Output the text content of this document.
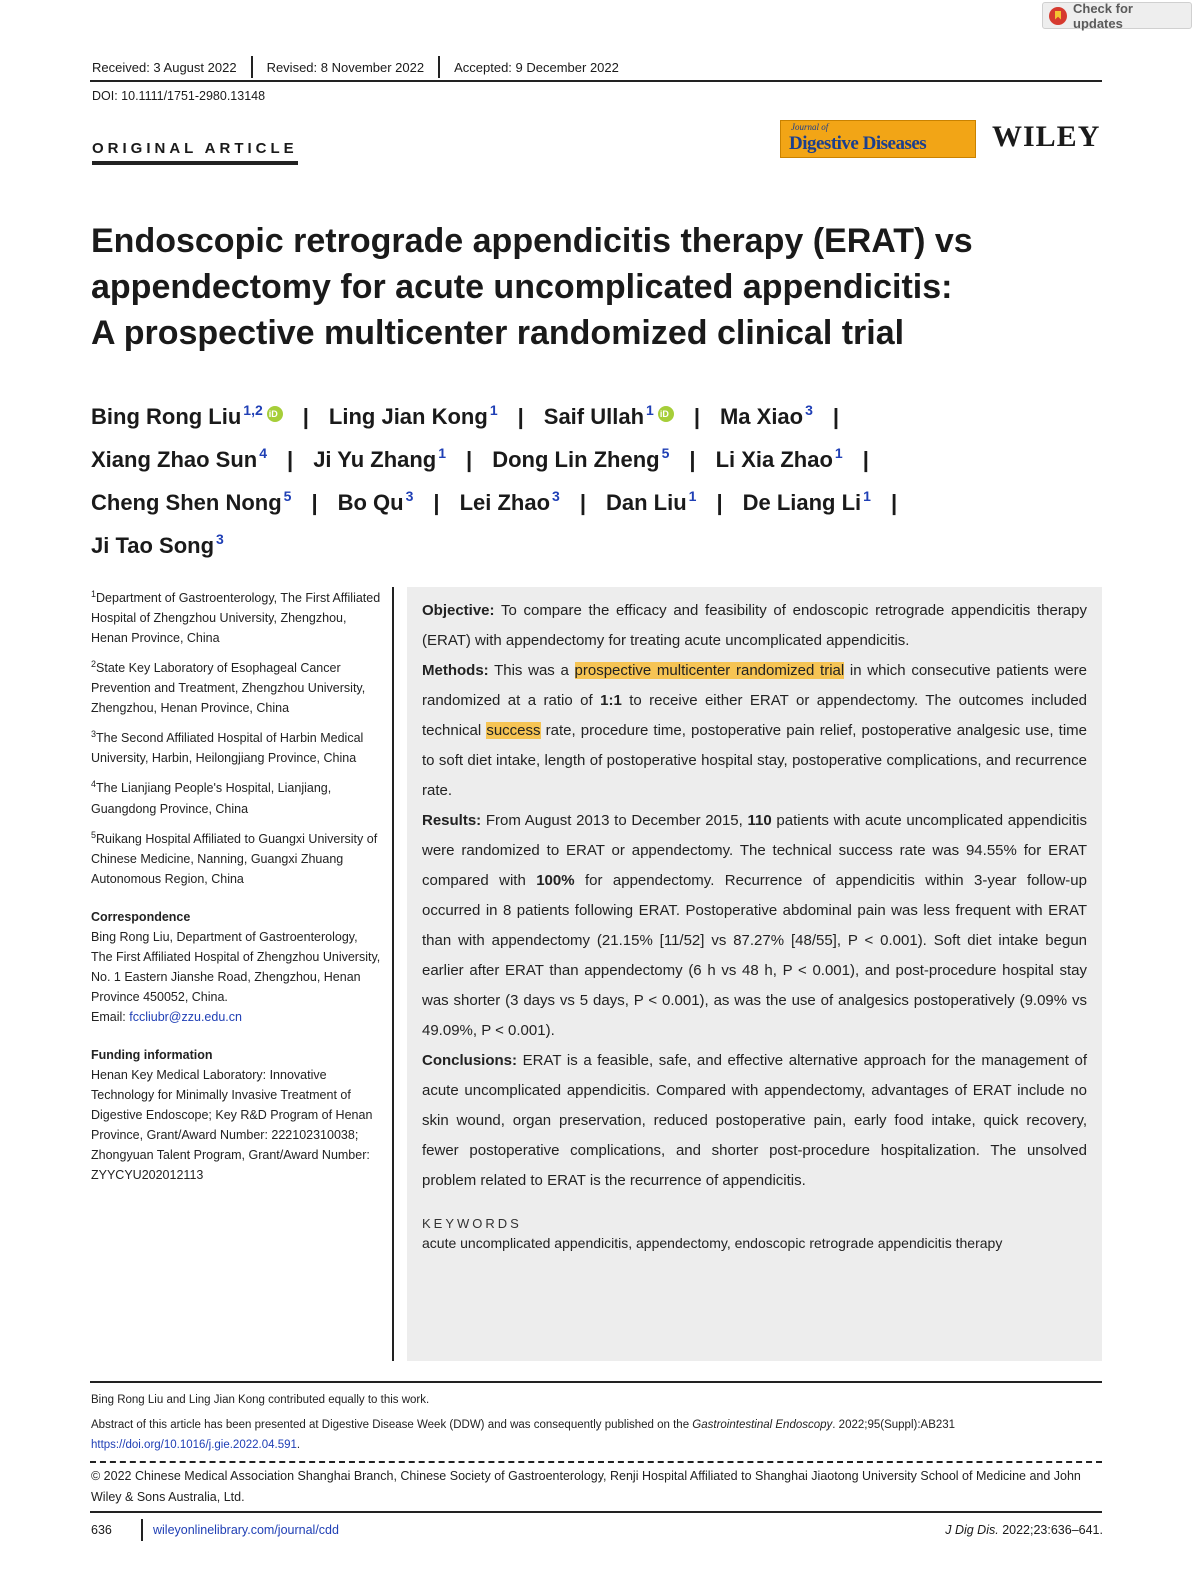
Check for updates
Received: 3 August 2022	Revised: 8 November 2022	Accepted: 9 December 2022
DOI: 10.1111/1751-2980.13148
ORIGINAL ARTICLE
Journal of
Digestive Diseases WILEY
Endoscopic retrograde appendicitis therapy (ERAT) vs
appendectomy for acute uncomplicated appendicitis:
A prospective multicenter randomized clinical trial
Bing Rong Liu $^{1,2}$ iD | Ling Jian Kong $^1$ | Saif Ullah $^1$ iD | Ma Xiao $^3$ |
Xiang Zhao Sun $^4$ | Ji Yu Zhang $^1$ | Dong Lin Zheng $^5$ | Li Xia Zhao $^1$ |
Cheng Shen Nong $^5$ | Bo Qu $^3$ | Lei Zhao $^3$ | Dan Liu $^1$ | De Liang Li $^1$ |
Ji Tao Song $^3$
$^1$Department of Gastroenterology, The First Affiliated Hospital of Zhengzhou University, Zhengzhou, Henan Province, China
$^2$State Key Laboratory of Esophageal Cancer Prevention and Treatment, Zhengzhou University, Zhengzhou, Henan Province, China
$^3$The Second Affiliated Hospital of Harbin Medical University, Harbin, Heilongjiang Province, China
$^4$The Lianjiang People's Hospital, Lianjiang, Guangdong Province, China
$^5$Ruikang Hospital Affiliated to Guangxi University of Chinese Medicine, Nanning, Guangxi Zhuang Autonomous Region, China
Correspondence
Bing Rong Liu, Department of Gastroenterology, The First Affiliated Hospital of Zhengzhou University, No. 1 Eastern Jianshe Road, Zhengzhou, Henan Province 450052, China.
Email: fccliubr@zzu.edu.cn
Funding information
Henan Key Medical Laboratory: Innovative Technology for Minimally Invasive Treatment of Digestive Endoscope; Key R&D Program of Henan Province, Grant/Award Number: 222102310038; Zhongyuan Talent Program, Grant/Award Number: ZYYCYU202012113

Objective: To compare the efficacy and feasibility of endoscopic retrograde appendicitis therapy (ERAT) with appendectomy for treating acute uncomplicated appendicitis.

Methods: This was a prospective multicenter randomized trial in which consecutive patients were randomized at a ratio of 1:1 to receive either ERAT or appendectomy. The outcomes included technical success rate, procedure time, postoperative pain relief, postoperative analgesic use, time to soft diet intake, length of postoperative hospital stay, postoperative complications, and recurrence rate.

Results: From August 2013 to December 2015, 110 patients with acute uncomplicated appendicitis were randomized to ERAT or appendectomy. The technical success rate was 94.55% for ERAT compared with 100% for appendectomy. Recurrence of appendicitis within 3-year follow-up occurred in 8 patients following ERAT. Postoperative abdominal pain was less frequent with ERAT than with appendectomy (21.15% [11/52] vs 87.27% [48/55], P < 0.001). Soft diet intake begun earlier after ERAT than appendectomy (6 h vs 48 h, P < 0.001), and post-procedure hospital stay was shorter (3 days vs 5 days, P < 0.001), as was the use of analgesics postoperatively (9.09% vs 49.09%, P < 0.001).

Conclusions: ERAT is a feasible, safe, and effective alternative approach for the management of acute uncomplicated appendicitis. Compared with appendectomy, advantages of ERAT include no skin wound, organ preservation, reduced postoperative pain, early food intake, quick recovery, fewer postoperative complications, and shorter post-procedure hospitalization. The unsolved problem related to ERAT is the recurrence of appendicitis.

KEYWORDS
acute uncomplicated appendicitis, appendectomy, endoscopic retrograde appendicitis therapy
Bing Rong Liu and Ling Jian Kong contributed equally to this work.
Abstract of this article has been presented at Digestive Disease Week (DDW) and was consequently published on the Gastrointestinal Endoscopy. 2022;95(Suppl):AB231 https://doi.org/10.1016/j.gie.2022.04.591.
© 2022 Chinese Medical Association Shanghai Branch, Chinese Society of Gastroenterology, Renji Hospital Affiliated to Shanghai Jiaotong University School of Medicine and John Wiley & Sons Australia, Ltd.
636	wileyonlinelibrary.com/journal/cdd	J Dig Dis. 2022;23:636–641.
